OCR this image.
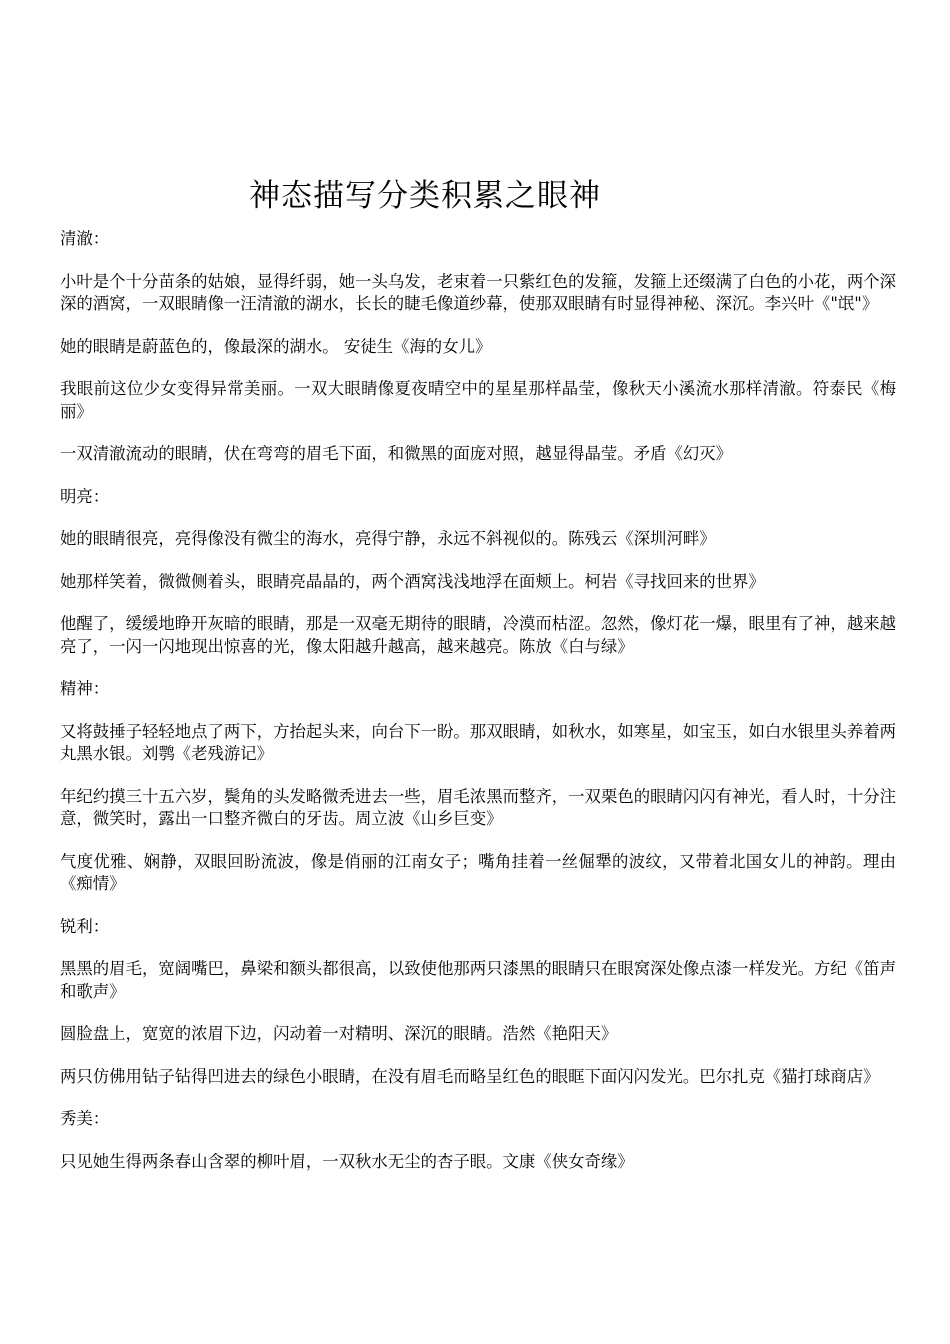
神态描写分类积累之眼神

清澈：

小叶是个十分苗条的姑娘，显得纤弱，她一头乌发，老束着一只紫红色的发箍，发箍上还缀满了白色的小花，两个深深的酒窝，一双眼睛像一汪清澈的湖水，长长的睫毛像道纱幕，使那双眼睛有时显得神秘、深沉。李兴叶《"氓"》

她的眼睛是蔚蓝色的，像最深的湖水。 安徒生《海的女儿》

我眼前这位少女变得异常美丽。一双大眼睛像夏夜晴空中的星星那样晶莹，像秋天小溪流水那样清澈。符泰民《梅丽》

一双清澈流动的眼睛，伏在弯弯的眉毛下面，和微黑的面庞对照，越显得晶莹。矛盾《幻灭》

明亮：

她的眼睛很亮，亮得像没有微尘的海水，亮得宁静，永远不斜视似的。陈残云《深圳河畔》

她那样笑着，微微侧着头，眼睛亮晶晶的，两个酒窝浅浅地浮在面颊上。柯岩《寻找回来的世界》

他醒了，缓缓地睁开灰暗的眼睛，那是一双毫无期待的眼睛，冷漠而枯涩。忽然，像灯花一爆，眼里有了神，越来越亮了，一闪一闪地现出惊喜的光，像太阳越升越高，越来越亮。陈放《白与绿》

精神：

又将鼓捶子轻轻地点了两下，方抬起头来，向台下一盼。那双眼睛，如秋水，如寒星，如宝玉，如白水银里头养着两丸黑水银。刘鹗《老残游记》

年纪约摸三十五六岁，鬓角的头发略微秃进去一些，眉毛浓黑而整齐，一双栗色的眼睛闪闪有神光，看人时，十分注意，微笑时，露出一口整齐微白的牙齿。周立波《山乡巨变》

气度优雅、娴静，双眼回盼流波，像是俏丽的江南女子；嘴角挂着一丝倔犟的波纹，又带着北国女儿的神韵。理由《痴情》

锐利：

黑黑的眉毛，宽阔嘴巴，鼻梁和额头都很高，以致使他那两只漆黑的眼睛只在眼窝深处像点漆一样发光。方纪《笛声和歌声》

圆脸盘上，宽宽的浓眉下边，闪动着一对精明、深沉的眼睛。浩然《艳阳天》

两只仿佛用钻子钻得凹进去的绿色小眼睛，在没有眉毛而略呈红色的眼眶下面闪闪发光。巴尔扎克《猫打球商店》

秀美：

只见她生得两条春山含翠的柳叶眉，一双秋水无尘的杏子眼。文康《侠女奇缘》
